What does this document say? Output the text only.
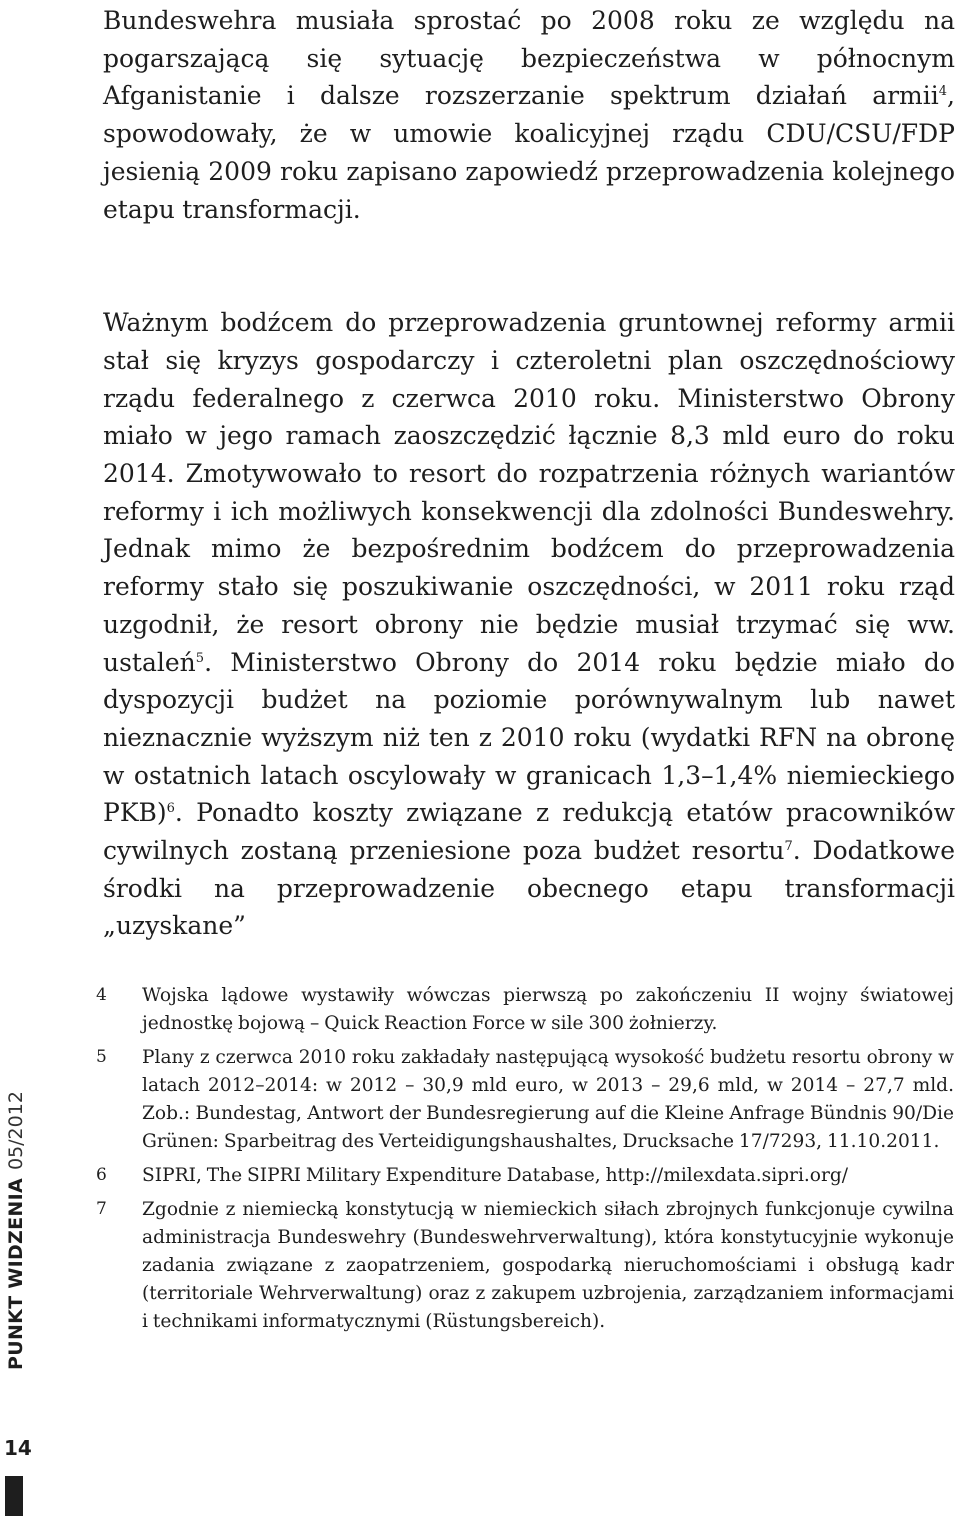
Bundeswehra musiała sprostać po 2008 roku ze względu na pogarszającą się sytuację bezpieczeństwa w północnym Afganistanie i dalsze rozszerzanie spektrum działań armii$^4$, spowodowały, że w umowie koalicyjnej rządu CDU/CSU/FDP jesienią 2009 roku zapisano zapowiedź przeprowadzenia kolejnego etapu transformacji.

Ważnym bodźcem do przeprowadzenia gruntownej reformy armii stał się kryzys gospodarczy i czteroletni plan oszczędnościowy rządu federalnego z czerwca 2010 roku. Ministerstwo Obrony miało w jego ramach zaoszczędzić łącznie 8,3 mld euro do roku 2014. Zmotywowało to resort do rozpatrzenia różnych wariantów reformy i ich możliwych konsekwencji dla zdolności Bundeswehry. Jednak mimo że bezpośrednim bodźcem do przeprowadzenia reformy stało się poszukiwanie oszczędności, w 2011 roku rząd uzgodnił, że resort obrony nie będzie musiał trzymać się ww. ustaleń$^5$. Ministerstwo Obrony do 2014 roku będzie miało do dyspozycji budżet na poziomie porównywalnym lub nawet nieznacznie wyższym niż ten z 2010 roku (wydatki RFN na obronę w ostatnich latach oscylowały w granicach 1,3–1,4% niemieckiego PKB)$^6$. Ponadto koszty związane z redukcją etatów pracowników cywilnych zostaną przeniesione poza budżet resortu$^7$. Dodatkowe środki na przeprowadzenie obecnego etapu transformacji „uzyskane”

4	Wojska lądowe wystawiły wówczas pierwszą po zakończeniu II wojny światowej jednostkę bojową – Quick Reaction Force w sile 300 żołnierzy.
5	Plany z czerwca 2010 roku zakładały następującą wysokość budżetu resortu obrony w latach 2012–2014: w 2012 – 30,9 mld euro, w 2013 – 29,6 mld, w 2014 – 27,7 mld. Zob.: Bundestag, Antwort der Bundesregierung auf die Kleine Anfrage Bündnis 90/Die Grünen: Sparbeitrag des Verteidigungshaushaltes, Drucksache 17/7293, 11.10.2011.
6	SIPRI, The SIPRI Military Expenditure Database, http://milexdata.sipri.org/
7	Zgodnie z niemiecką konstytucją w niemieckich siłach zbrojnych funkcjonuje cywilna administracja Bundeswehry (Bundeswehrverwaltung), która konstytucyjnie wykonuje zadania związane z zaopatrzeniem, gospodarką nieruchomościami i obsługą kadr (territoriale Wehrverwaltung) oraz z zakupem uzbrojenia, zarządzaniem informacjami i technikami informatycznymi (Rüstungsbereich).
PUNKT WIDZENIA05/2012
14
